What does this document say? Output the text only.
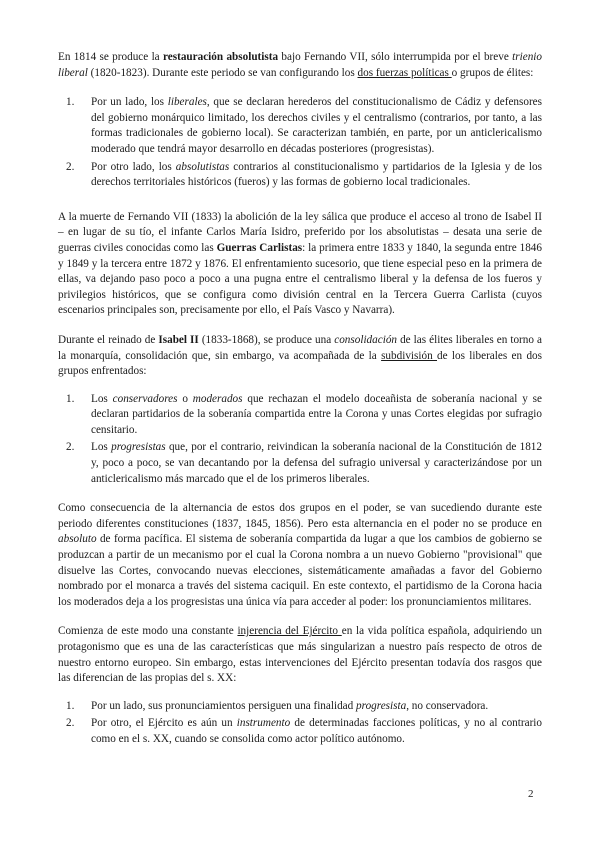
En 1814 se produce la restauración absolutista bajo Fernando VII, sólo interrumpida por el breve trienio liberal (1820-1823). Durante este periodo se van configurando los dos fuerzas políticas o grupos de élites:

1. Por un lado, los liberales, que se declaran herederos del constitucionalismo de Cádiz y defensores del gobierno monárquico limitado, los derechos civiles y el centralismo (contrarios, por tanto, a las formas tradicionales de gobierno local). Se caracterizan también, en parte, por un anticlericalismo moderado que tendrá mayor desarrollo en décadas posteriores (progresistas).
2. Por otro lado, los absolutistas contrarios al constitucionalismo y partidarios de la Iglesia y de los derechos territoriales históricos (fueros) y las formas de gobierno local tradicionales.

A la muerte de Fernando VII (1833) la abolición de la ley sálica que produce el acceso al trono de Isabel II – en lugar de su tío, el infante Carlos María Isidro, preferido por los absolutistas – desata una serie de guerras civiles conocidas como las Guerras Carlistas: la primera entre 1833 y 1840, la segunda entre 1846 y 1849 y la tercera entre 1872 y 1876. El enfrentamiento sucesorio, que tiene especial peso en la primera de ellas, va dejando paso poco a poco a una pugna entre el centralismo liberal y la defensa de los fueros y privilegios históricos, que se configura como división central en la Tercera Guerra Carlista (cuyos escenarios principales son, precisamente por ello, el País Vasco y Navarra).

Durante el reinado de Isabel II (1833-1868), se produce una consolidación de las élites liberales en torno a la monarquía, consolidación que, sin embargo, va acompañada de la subdivisión de los liberales en dos grupos enfrentados:

1. Los conservadores o moderados que rechazan el modelo doceañista de soberanía nacional y se declaran partidarios de la soberanía compartida entre la Corona y unas Cortes elegidas por sufragio censitario.
2. Los progresistas que, por el contrario, reivindican la soberanía nacional de la Constitución de 1812 y, poco a poco, se van decantando por la defensa del sufragio universal y caracterizándose por un anticlericalismo más marcado que el de los primeros liberales.

Como consecuencia de la alternancia de estos dos grupos en el poder, se van sucediendo durante este periodo diferentes constituciones (1837, 1845, 1856). Pero esta alternancia en el poder no se produce en absoluto de forma pacífica. El sistema de soberanía compartida da lugar a que los cambios de gobierno se produzcan a partir de un mecanismo por el cual la Corona nombra a un nuevo Gobierno "provisional" que disuelve las Cortes, convocando nuevas elecciones, sistemáticamente amañadas a favor del Gobierno nombrado por el monarca a través del sistema caciquil. En este contexto, el partidismo de la Corona hacia los moderados deja a los progresistas una única vía para acceder al poder: los pronunciamientos militares.

Comienza de este modo una constante injerencia del Ejército en la vida política española, adquiriendo un protagonismo que es una de las características que más singularizan a nuestro país respecto de otros de nuestro entorno europeo. Sin embargo, estas intervenciones del Ejército presentan todavía dos rasgos que las diferencian de las propias del s. XX:

1. Por un lado, sus pronunciamientos persiguen una finalidad progresista, no conservadora.
2. Por otro, el Ejército es aún un instrumento de determinadas facciones políticas, y no al contrario como en el s. XX, cuando se consolida como actor político autónomo.
2
